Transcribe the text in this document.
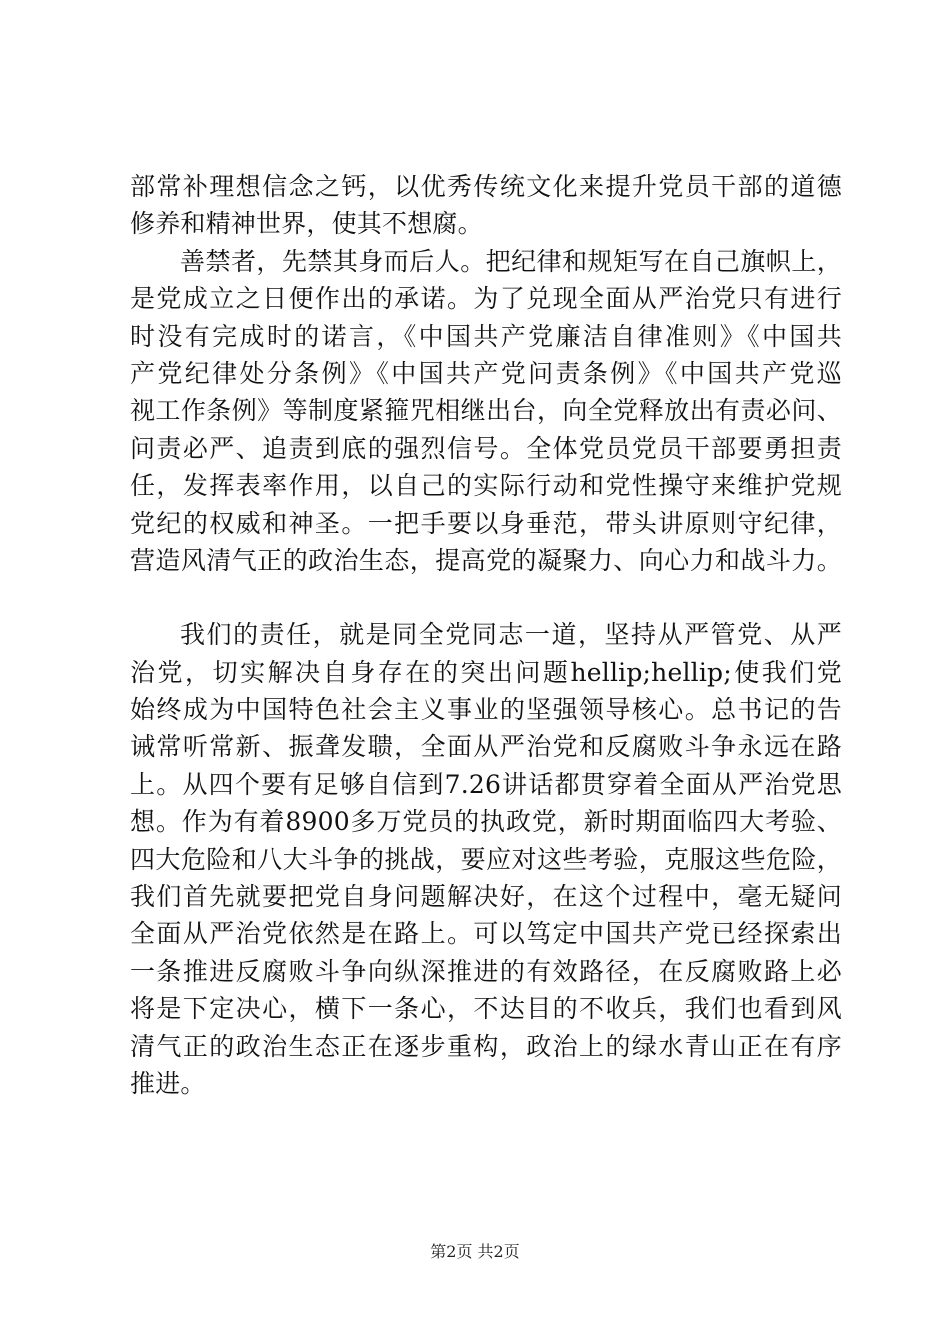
部常补理想信念之钙，以优秀传统文化来提升党员干部的道德
修养和精神世界，使其不想腐。
善禁者，先禁其身而后人。把纪律和规矩写在自己旗帜上，
是党成立之日便作出的承诺。为了兑现全面从严治党只有进行
时没有完成时的诺言，《中国共产党廉洁自律准则》《中国共
产党纪律处分条例》《中国共产党问责条例》《中国共产党巡
视工作条例》等制度紧箍咒相继出台，向全党释放出有责必问、
问责必严、追责到底的强烈信号。全体党员党员干部要勇担责
任，发挥表率作用，以自己的实际行动和党性操守来维护党规
党纪的权威和神圣。一把手要以身垂范，带头讲原则守纪律，
营造风清气正的政治生态，提高党的凝聚力、向心力和战斗力。
我们的责任，就是同全党同志一道，坚持从严管党、从严
治党，切实解决自身存在的突出问题hellip;hellip;使我们党
始终成为中国特色社会主义事业的坚强领导核心。总书记的告
诫常听常新、振聋发聩，全面从严治党和反腐败斗争永远在路
上。从四个要有足够自信到7.26讲话都贯穿着全面从严治党思
想。作为有着8900多万党员的执政党，新时期面临四大考验、
四大危险和八大斗争的挑战，要应对这些考验，克服这些危险，
我们首先就要把党自身问题解决好，在这个过程中，毫无疑问
全面从严治党依然是在路上。可以笃定中国共产党已经探索出
一条推进反腐败斗争向纵深推进的有效路径，在反腐败路上必
将是下定决心，横下一条心，不达目的不收兵，我们也看到风
清气正的政治生态正在逐步重构，政治上的绿水青山正在有序
推进。
第2页 共2页
